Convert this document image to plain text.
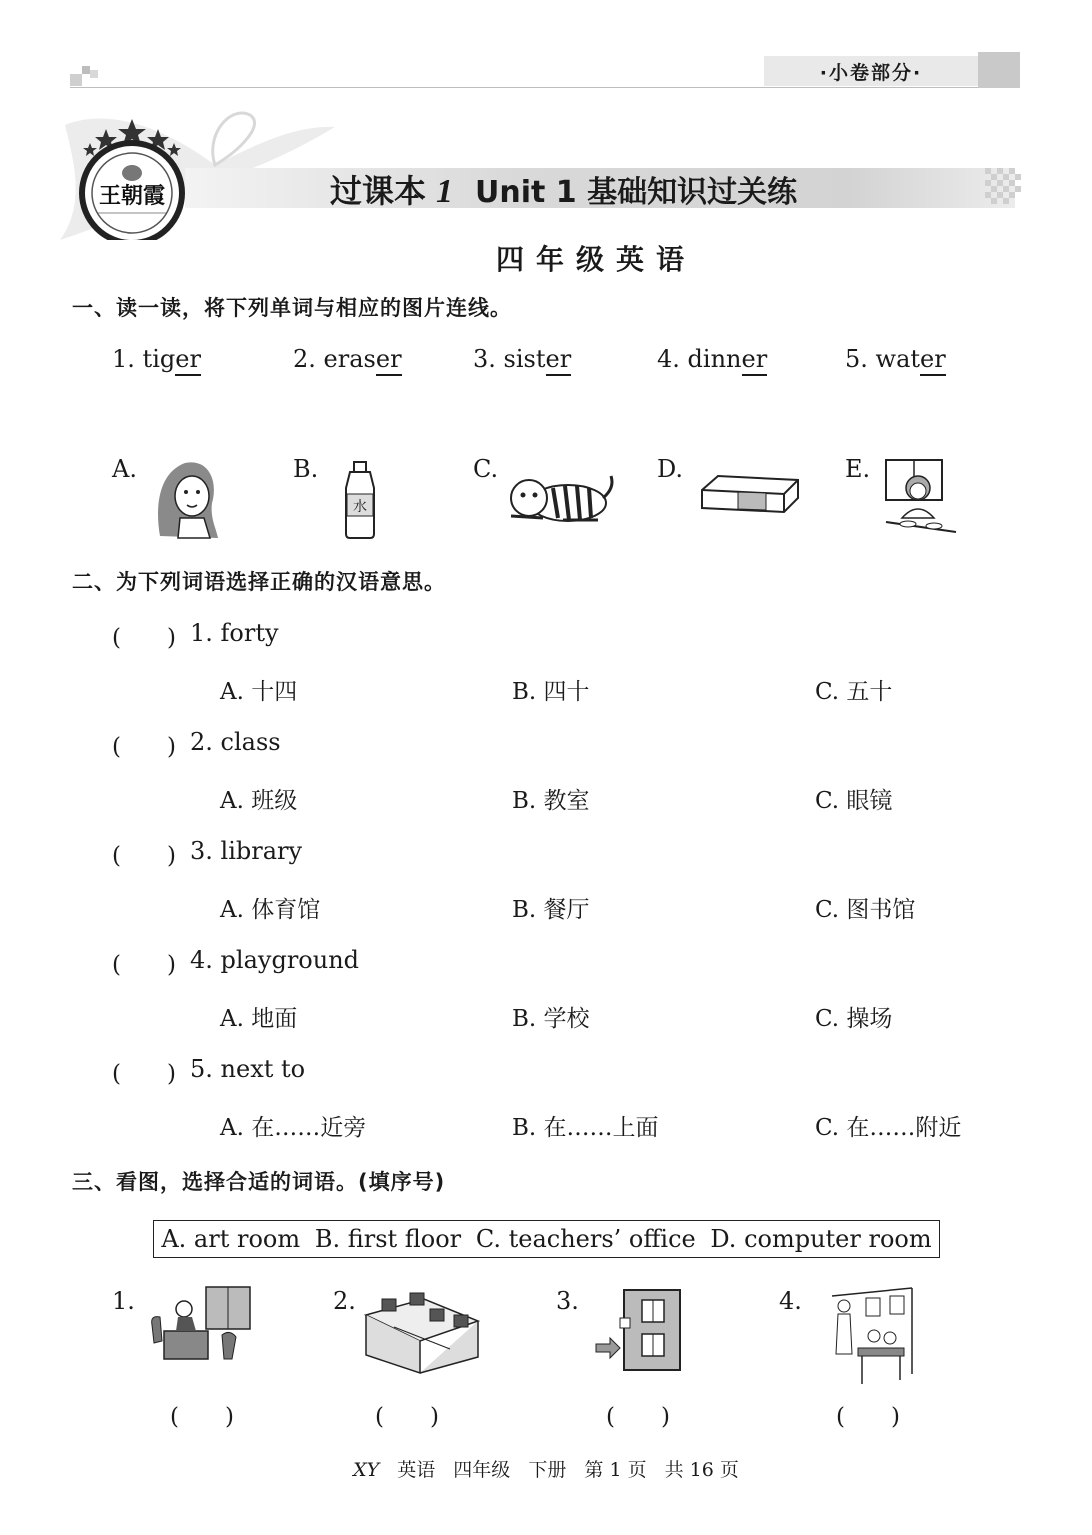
·小卷部分·
王朝霞	过课本 1 Unit 1 基础知识过关练
四年级英语
一、读一读，将下列单词与相应的图片连线。
1. tiger	2. eraser	3. sister	4. dinner	5. water
A.	B.
水
C.	D.	E.
二、为下列词语选择正确的汉语意思。
(　　) 1. forty
A. 十四	B. 四十	C. 五十
(　　) 2. class
A. 班级	B. 教室	C. 眼镜
(　　) 3. library
A. 体育馆	B. 餐厅	C. 图书馆
(　　) 4. playground
A. 地面	B. 学校	C. 操场
(　　) 5. next to
A. 在……近旁	B. 在……上面	C. 在……附近
三、看图，选择合适的词语。(填序号)
A. art room B. first floor C. teachers’ office D. computer room
1.
(　　)
2.
(　　)
3.
(　　)
4.
(　　)
XY 英语 四年级 下册 第 1 页 共 16 页
